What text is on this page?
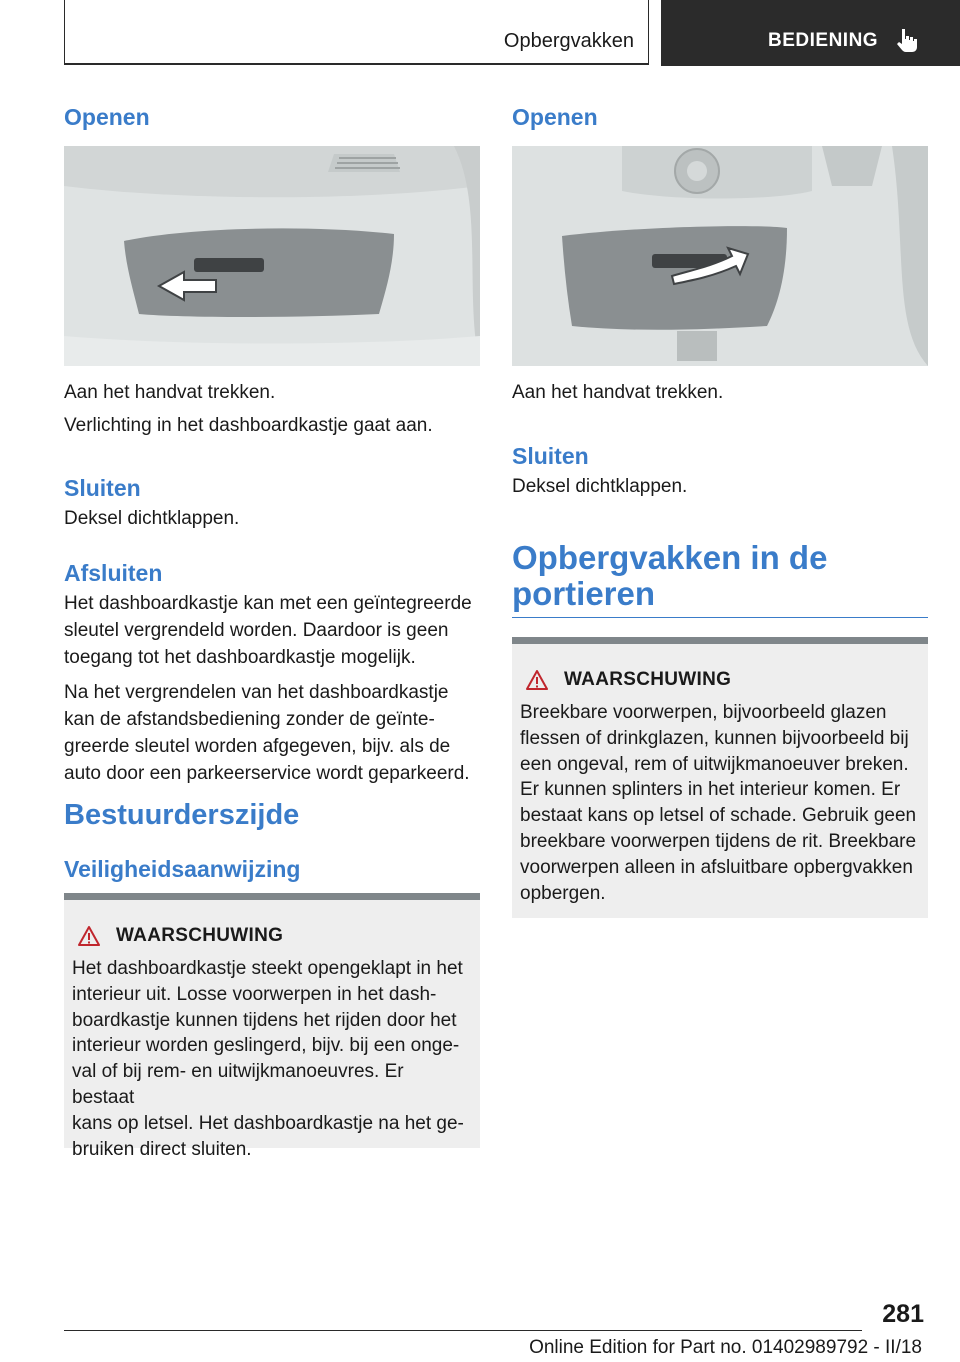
Opbergvakken	BEDIENING
Openen

Aan het handvat trekken.

Verlichting in het dashboardkastje gaat aan.

Sluiten

Deksel dichtklappen.

Afsluiten

Het dashboardkastje kan met een geïntegreerde
sleutel vergrendeld worden. Daardoor is geen
toegang tot het dashboardkastje mogelijk.

Na het vergrendelen van het dashboardkastje
kan de afstandsbediening zonder de geïnte‐
greerde sleutel worden afgegeven, bijv. als de
auto door een parkeerservice wordt geparkeerd.

Bestuurderszijde
Veiligheidsaanwijzing
WAARSCHUWING
Het dashboardkastje steekt opengeklapt in het
interieur uit. Losse voorwerpen in het dash‐
boardkastje kunnen tijdens het rijden door het
interieur worden geslingerd, bijv. bij een onge‐
val of bij rem- en uitwijkmanoeuvres. Er bestaat
kans op letsel. Het dashboardkastje na het ge‐
bruiken direct sluiten.
Openen

Aan het handvat trekken.

Sluiten

Deksel dichtklappen.

Opbergvakken in de
portieren
WAARSCHUWING
Breekbare voorwerpen, bijvoorbeeld glazen
flessen of drinkglazen, kunnen bijvoorbeeld bij
een ongeval, rem of uitwijkmanoeuver breken.
Er kunnen splinters in het interieur komen. Er
bestaat kans op letsel of schade. Gebruik geen
breekbare voorwerpen tijdens de rit. Breekbare
voorwerpen alleen in afsluitbare opbergvakken
opbergen.
281
Online Edition for Part no. 01402989792 - II/18
